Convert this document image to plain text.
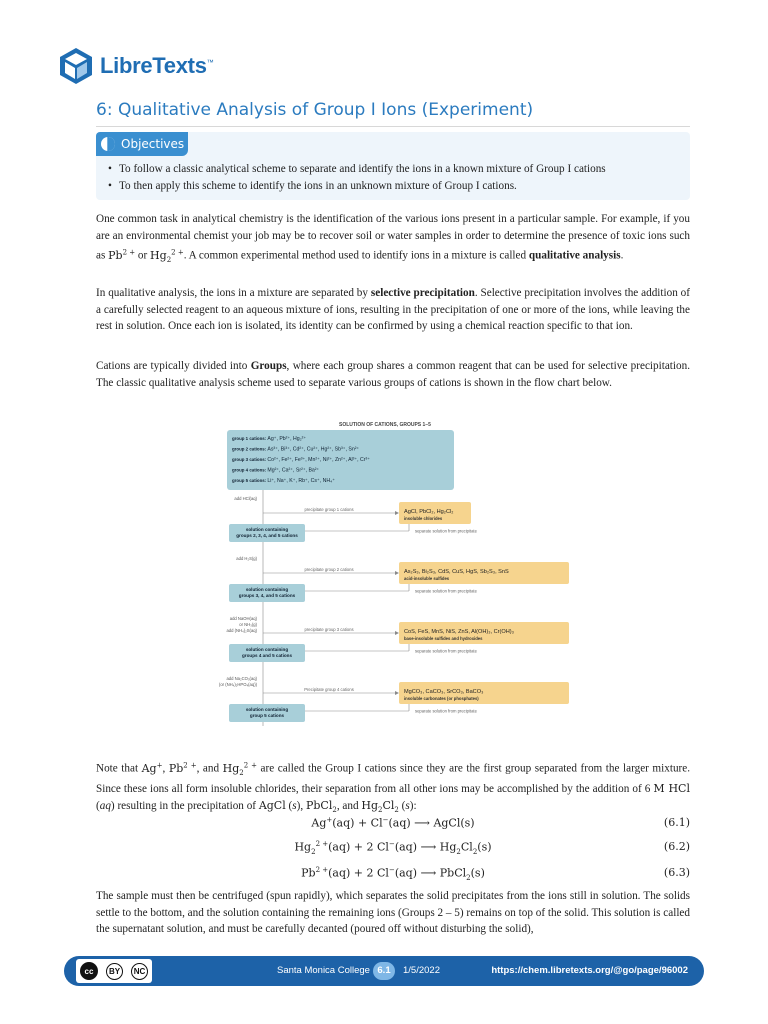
LibreTexts™
6: Qualitative Analysis of Group I Ions (Experiment)
Objectives
• To follow a classic analytical scheme to separate and identify the ions in a known mixture of Group I cations
• To then apply this scheme to identify the ions in an unknown mixture of Group I cations.

One common task in analytical chemistry is the identification of the various ions present in a particular sample. For example, if you are an environmental chemist your job may be to recover soil or water samples in order to determine the presence of toxic ions such as $Pb^{2 +}$ or $Hg_2^{2 +}$. A common experimental method used to identify ions in a mixture is called qualitative analysis.

In qualitative analysis, the ions in a mixture are separated by selective precipitation. Selective precipitation involves the addition of a carefully selected reagent to an aqueous mixture of ions, resulting in the precipitation of one or more of the ions, while leaving the rest in solution. Once each ion is isolated, its identity can be confirmed by using a chemical reaction specific to that ion.

Cations are typically divided into Groups, where each group shares a common reagent that can be used for selective precipitation. The classic qualitative analysis scheme used to separate various groups of cations is shown in the flow chart below.

SOLUTION OF CATIONS, GROUPS 1–5
group 1 cations: Ag⁺, Pb²⁺, Hg₂²⁺
group 2 cations: As³⁺, Bi³⁺, Cd²⁺, Cu²⁺, Hg²⁺, Sb³⁺, Sn²⁺
group 3 cations: Co²⁺, Fe²⁺, Fe³⁺, Mn²⁺, Ni²⁺, Zn²⁺, Al³⁺, Cr³⁺
group 4 cations: Mg²⁺, Ca²⁺, Sr²⁺, Ba²⁺
group 5 cations: Li⁺, Na⁺, K⁺, Rb⁺, Cs⁺, NH₄⁺
add HCl(aq)
precipitate group 1 cations	AgCl, PbCl₂, Hg₂Cl₂
insoluble chlorides
separate solution from precipitate
solution containing
groups 2, 3, 4, and 5 cations
add H₂S(g)
precipitate group 2 cations	As₂S₃, Bi₂S₃, CdS, CuS, HgS, Sb₂S₃, SnS
acid-insoluble sulfides
separate solution from precipitate
solution containing
groups 3, 4, and 5 cations
add NaOH(aq)
or NH₃(g)
add (NH₄)₂S(aq)	precipitate group 3 cations	CoS, FeS, MnS, NiS, ZnS, Al(OH)₃, Cr(OH)₃
base-insoluble sulfides and hydroxides
separate solution from precipitate
solution containing
groups 4 and 5 cations
add Na₂CO₃(aq)
(or (NH₄)₂HPO₄(aq))
Precipitate group 4 cations	MgCO₃, CaCO₃, SrCO₃, BaCO₃
insoluble carbonates (or phosphates)
separate solution from precipitate
solution containing
group 5 cations

Note that Ag+, $Pb^{2 +}$, and $Hg_2^{2 +}$ are called the Group I cations since they are the first group separated from the larger mixture. Since these ions all form insoluble chlorides, their separation from all other ions may be accomplished by the addition of 6 M HCl (aq) resulting in the precipitation of AgCl (s), PbCl$_2$, and $Hg_2Cl_2$ (s):

Ag+(aq) + Cl−(aq) ⟶ AgCl(s)	(6.1)
$Hg_2^{2 +}(aq) + 2$ Cl−(aq) ⟶ $Hg_2Cl_2(s)$	(6.2)
$Pb^{2 +}(aq) + 2$ Cl−(aq) ⟶ PbCl$_2$(s)	(6.3)

The sample must then be centrifuged (spun rapidly), which separates the solid precipitates from the ions still in solution. The solids settle to the bottom, and the solution containing the remaining ions (Groups 2 – 5) remains on top of the solid. This solution is called the supernatant solution, and must be carefully decanted (poured off without disturbing the solid),

cc	BY	NC	Santa Monica College 6.1	1/5/2022	https://chem.libretexts.org/@go/page/96002
